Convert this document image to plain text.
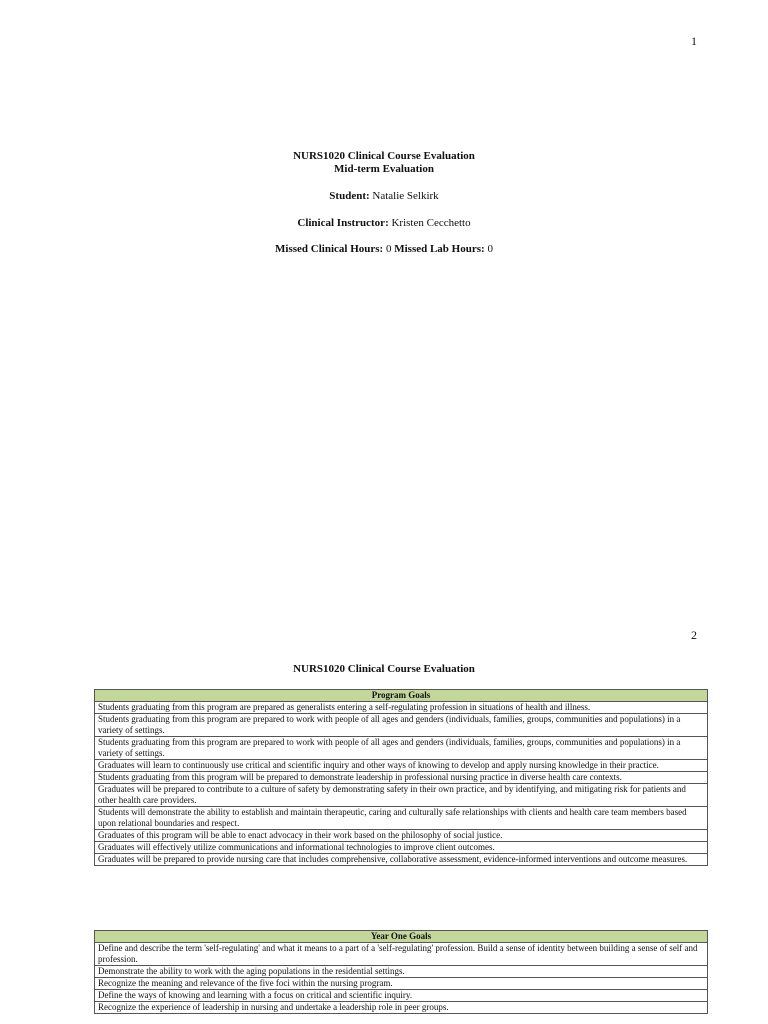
1
NURS1020 Clinical Course Evaluation
Mid-term Evaluation
Student: Natalie Selkirk
Clinical Instructor: Kristen Cecchetto
Missed Clinical Hours: 0 Missed Lab Hours: 0
2
NURS1020 Clinical Course Evaluation
Program Goals
Students graduating from this program are prepared as generalists entering a self-regulating profession in situations of health and illness.
Students graduating from this program are prepared to work with people of all ages and genders (individuals, families, groups, communities and populations) in a variety of settings.
Students graduating from this program are prepared to work with people of all ages and genders (individuals, families, groups, communities and populations) in a variety of settings.
Graduates will learn to continuously use critical and scientific inquiry and other ways of knowing to develop and apply nursing knowledge in their practice.
Students graduating from this program will be prepared to demonstrate leadership in professional nursing practice in diverse health care contexts.
Graduates will be prepared to contribute to a culture of safety by demonstrating safety in their own practice, and by identifying, and mitigating risk for patients and other health care providers.
Students will demonstrate the ability to establish and maintain therapeutic, caring and culturally safe relationships with clients and health care team members based upon relational boundaries and respect.
Graduates of this program will be able to enact advocacy in their work based on the philosophy of social justice.
Graduates will effectively utilize communications and informational technologies to improve client outcomes.
Graduates will be prepared to provide nursing care that includes comprehensive, collaborative assessment, evidence-informed interventions and outcome measures.
Year One Goals
Define and describe the term 'self-regulating' and what it means to a part of a 'self-regulating' profession. Build a sense of identity between building a sense of self and profession.
Demonstrate the ability to work with the aging populations in the residential settings.
Recognize the meaning and relevance of the five foci within the nursing program.
Define the ways of knowing and learning with a focus on critical and scientific inquiry.
Recognize the experience of leadership in nursing and undertake a leadership role in peer groups.
